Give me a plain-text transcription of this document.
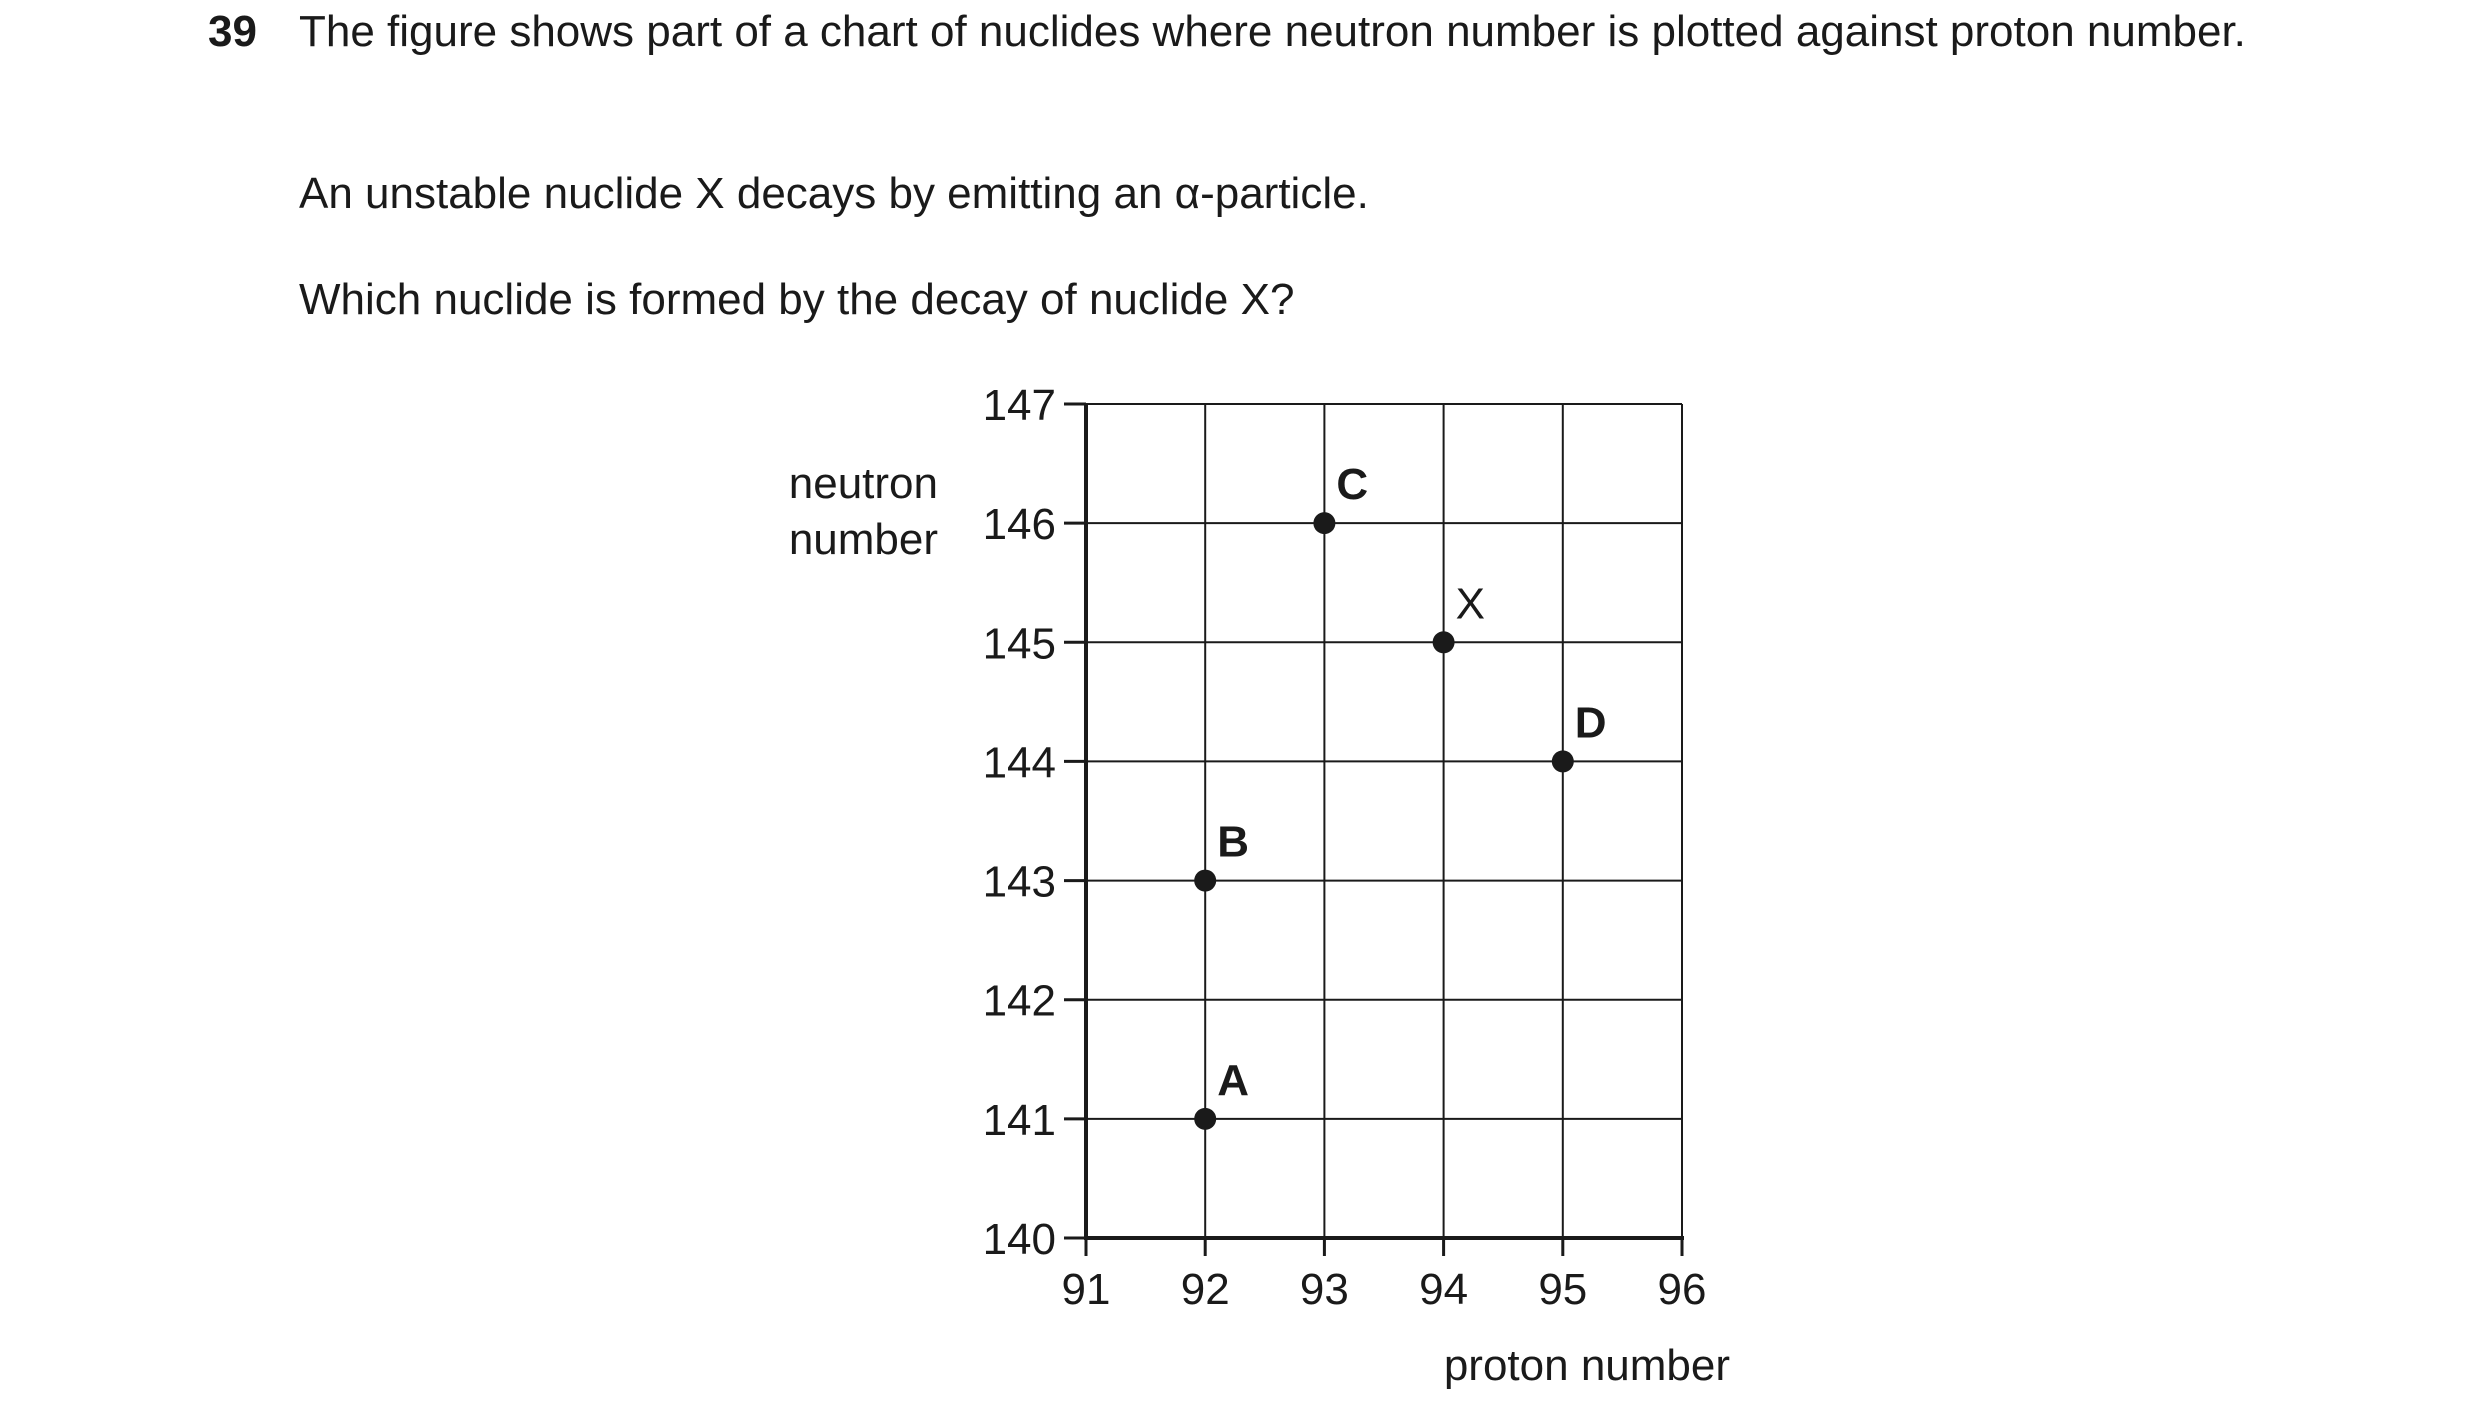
39 The figure shows part of a chart of nuclides where neutron number is plotted against proton number.

An unstable nuclide X decays by emitting an α-particle.

Which nuclide is formed by the decay of nuclide X?

140
141
142
143
144
145
146
147
91 92 93 94 95 96
A
B
C
X
D
neutron number
proton number
